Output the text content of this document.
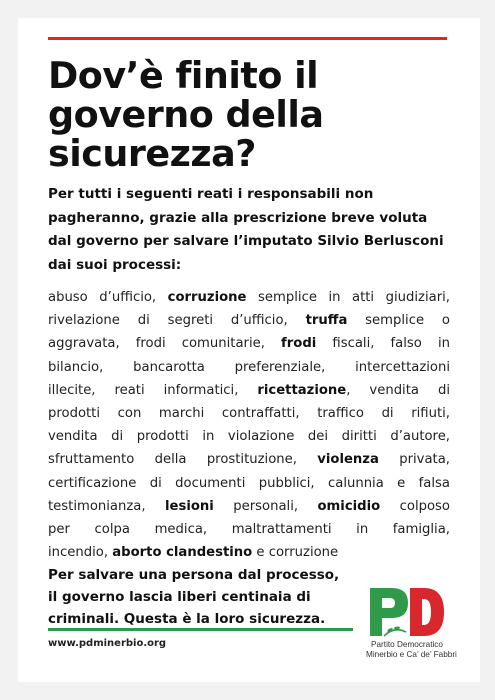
Dov’è finito il
governo della
sicurezza?

Per tutti i seguenti reati i responsabili non
pagheranno, grazie alla prescrizione breve voluta
dal governo per salvare l’imputato Silvio Berlusconi
dai suoi processi:

abuso d’ufficio, corruzione semplice in atti giudiziari,
rivelazione di segreti d’ufficio, truffa semplice o
aggravata, frodi comunitarie, frodi fiscali, falso in
bilancio, bancarotta preferenziale, intercettazioni
illecite, reati informatici, ricettazione, vendita di
prodotti con marchi contraffatti, traffico di rifiuti,
vendita di prodotti in violazione dei diritti d’autore,
sfruttamento della prostituzione, violenza privata,
certificazione di documenti pubblici, calunnia e falsa
testimonianza, lesioni personali, omicidio colposo
per colpa medica, maltrattamenti in famiglia,
incendio, aborto clandestino e corruzione

Per salvare una persona dal processo,
il governo lascia liberi centinaia di
criminali. Questa è la loro sicurezza.

www.pdminerbio.org	Partito Democratico
Minerbio e Ca’ de’ Fabbri
